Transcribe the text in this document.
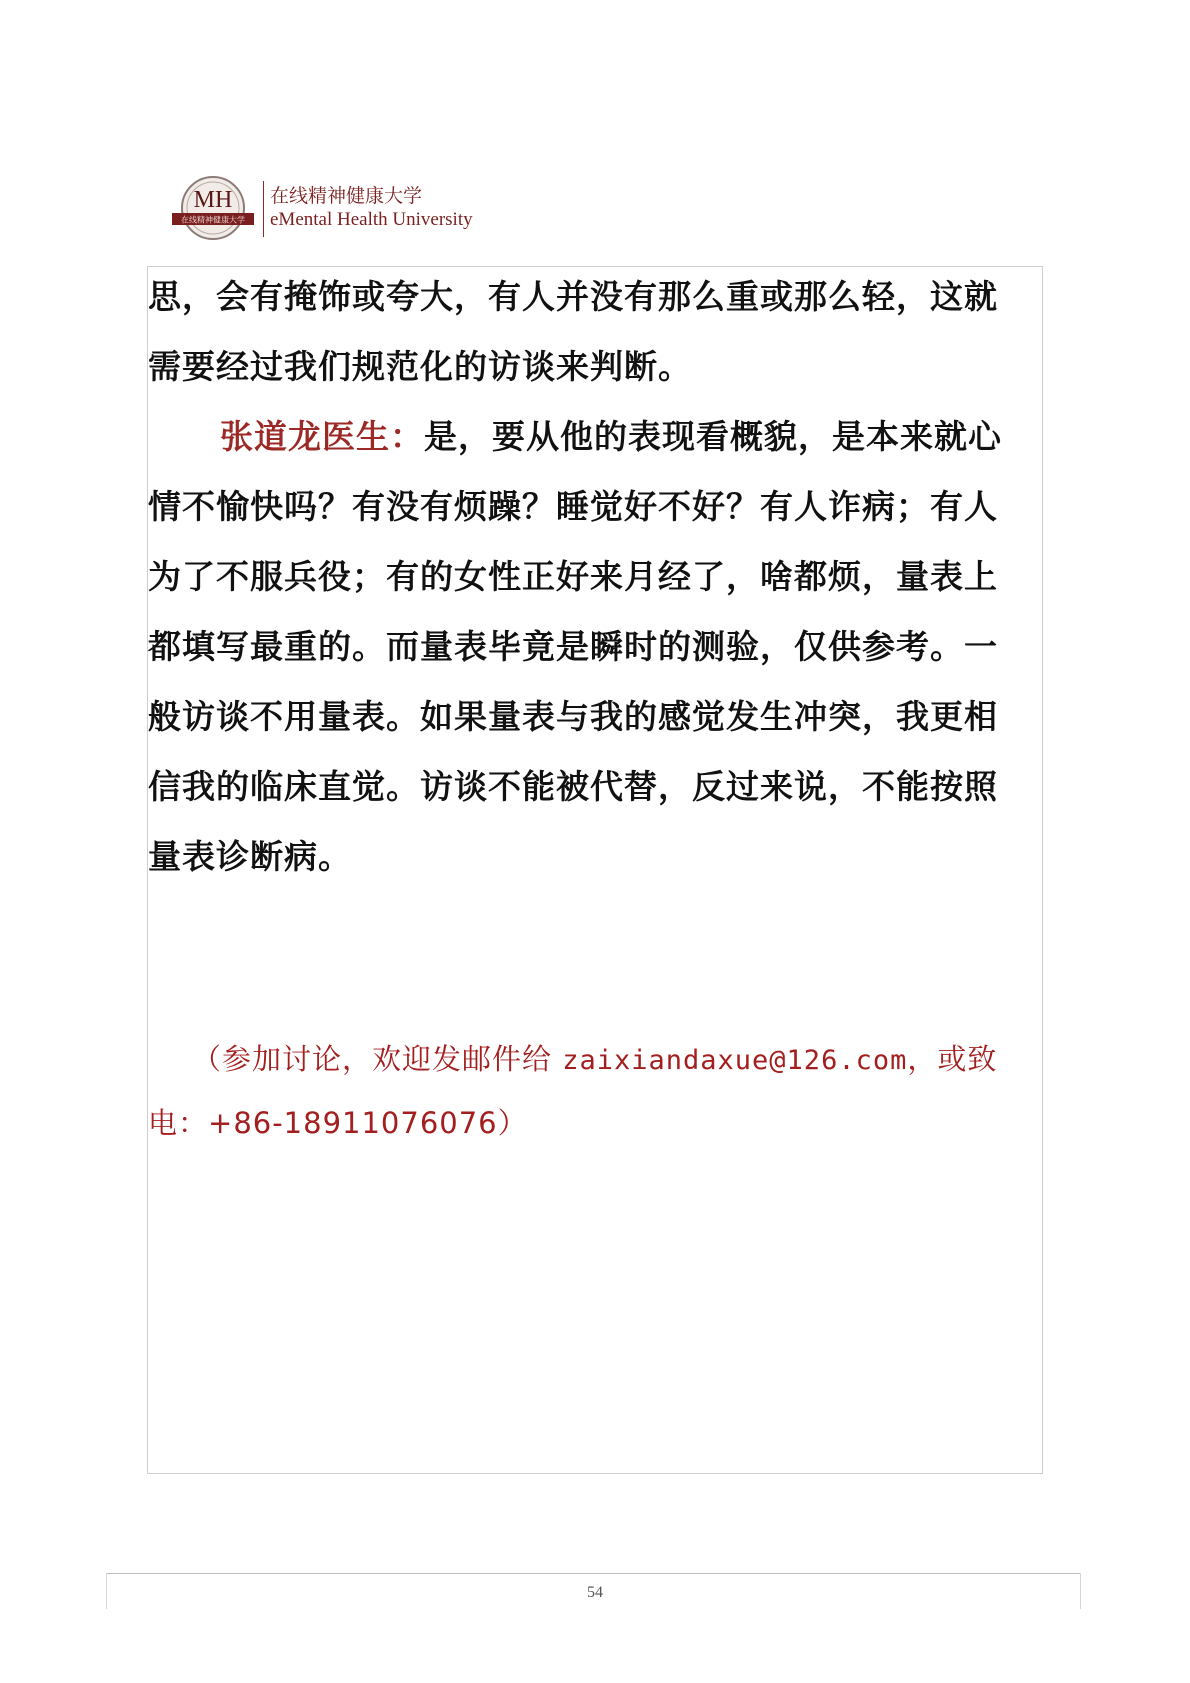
MH
在线精神健康大学
在线精神健康大学
eMental Health University

思，会有掩饰或夸大，有人并没有那么重或那么轻，这就需要经过我们规范化的访谈来判断。

张道龙医生：是，要从他的表现看概貌，是本来就心情不愉快吗？有没有烦躁？睡觉好不好？有人诈病；有人为了不服兵役；有的女性正好来月经了，啥都烦，量表上都填写最重的。而量表毕竟是瞬时的测验，仅供参考。一般访谈不用量表。如果量表与我的感觉发生冲突，我更相信我的临床直觉。访谈不能被代替，反过来说，不能按照量表诊断病。

（参加讨论，欢迎发邮件给 zaixiandaxue@126.com，或致电：+86-18911076076）
54
